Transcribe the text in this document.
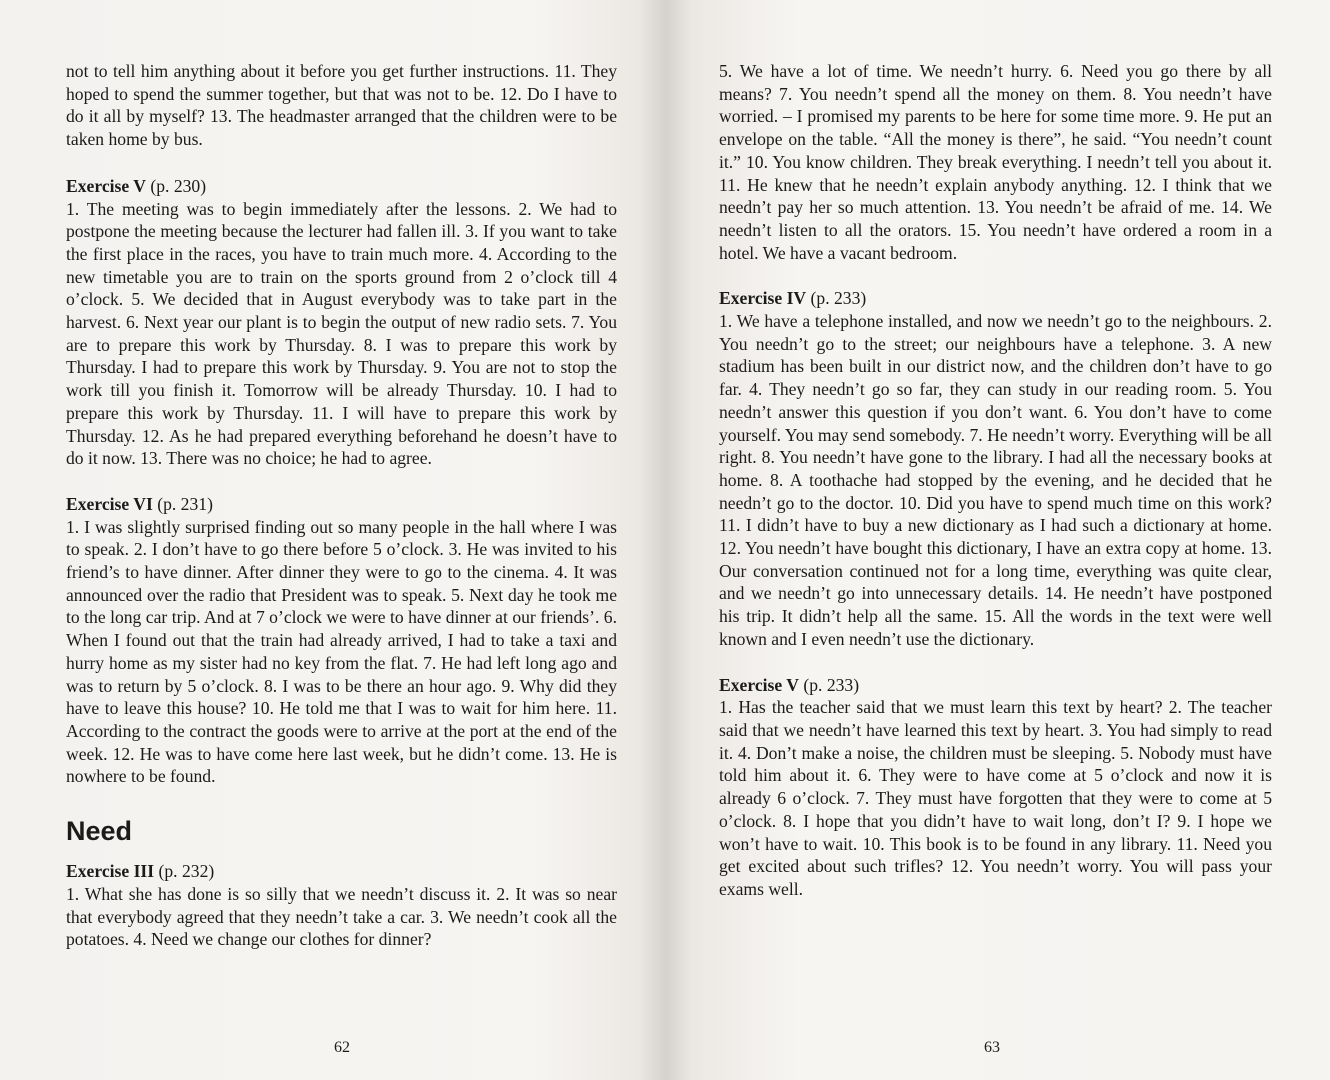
not to tell him anything about it before you get further instructions. 11. They hoped to spend the summer together, but that was not to be. 12. Do I have to do it all by myself? 13. The headmaster arranged that the children were to be taken home by bus.

Exercise V (p. 230)

1. The meeting was to begin immediately after the lessons. 2. We had to postpone the meeting because the lecturer had fallen ill. 3. If you want to take the first place in the races, you have to train much more. 4. According to the new timetable you are to train on the sports ground from 2 o’clock till 4 o’clock. 5. We decided that in August everybody was to take part in the harvest. 6. Next year our plant is to begin the output of new radio sets. 7. You are to prepare this work by Thursday. 8. I was to prepare this work by Thursday. I had to prepare this work by Thursday. 9. You are not to stop the work till you finish it. Tomorrow will be already Thursday. 10. I had to prepare this work by Thursday. 11. I will have to prepare this work by Thursday. 12. As he had prepared everything beforehand he doesn’t have to do it now. 13. There was no choice; he had to agree.

Exercise VI (p. 231)

1. I was slightly surprised finding out so many people in the hall where I was to speak. 2. I don’t have to go there before 5 o’clock. 3. He was invited to his friend’s to have dinner. After dinner they were to go to the cinema. 4. It was announced over the radio that President was to speak. 5. Next day he took me to the long car trip. And at 7 o’clock we were to have dinner at our friends’. 6. When I found out that the train had already arrived, I had to take a taxi and hurry home as my sister had no key from the flat. 7. He had left long ago and was to return by 5 o’clock. 8. I was to be there an hour ago. 9. Why did they have to leave this house? 10. He told me that I was to wait for him here. 11. According to the contract the goods were to arrive at the port at the end of the week. 12. He was to have come here last week, but he didn’t come. 13. He is nowhere to be found.

Need

Exercise III (p. 232)

1. What she has done is so silly that we needn’t discuss it. 2. It was so near that everybody agreed that they needn’t take a car. 3. We needn’t cook all the potatoes. 4. Need we change our clothes for dinner?

62

5. We have a lot of time. We needn’t hurry. 6. Need you go there by all means? 7. You needn’t spend all the money on them. 8. You needn’t have worried. – I promised my parents to be here for some time more. 9. He put an envelope on the table. “All the money is there”, he said. “You needn’t count it.” 10. You know children. They break everything. I needn’t tell you about it. 11. He knew that he needn’t explain anybody anything. 12. I think that we needn’t pay her so much attention. 13. You needn’t be afraid of me. 14. We needn’t listen to all the orators. 15. You needn’t have ordered a room in a hotel. We have a vacant bedroom.

Exercise IV (p. 233)

1. We have a telephone installed, and now we needn’t go to the neighbours. 2. You needn’t go to the street; our neighbours have a telephone. 3. A new stadium has been built in our district now, and the children don’t have to go far. 4. They needn’t go so far, they can study in our reading room. 5. You needn’t answer this question if you don’t want. 6. You don’t have to come yourself. You may send somebody. 7. He needn’t worry. Everything will be all right. 8. You needn’t have gone to the library. I had all the necessary books at home. 8. A toothache had stopped by the evening, and he decided that he needn’t go to the doctor. 10. Did you have to spend much time on this work? 11. I didn’t have to buy a new dictionary as I had such a dictionary at home. 12. You needn’t have bought this dictionary, I have an extra copy at home. 13. Our conversation continued not for a long time, everything was quite clear, and we needn’t go into unnecessary details. 14. He needn’t have postponed his trip. It didn’t help all the same. 15. All the words in the text were well known and I even needn’t use the dictionary.

Exercise V (p. 233)

1. Has the teacher said that we must learn this text by heart? 2. The teacher said that we needn’t have learned this text by heart. 3. You had simply to read it. 4. Don’t make a noise, the children must be sleeping. 5. Nobody must have told him about it. 6. They were to have come at 5 o’clock and now it is already 6 o’clock. 7. They must have forgotten that they were to come at 5 o’clock. 8. I hope that you didn’t have to wait long, don’t I? 9. I hope we won’t have to wait. 10. This book is to be found in any library. 11. Need you get excited about such trifles? 12. You needn’t worry. You will pass your exams well.

63
